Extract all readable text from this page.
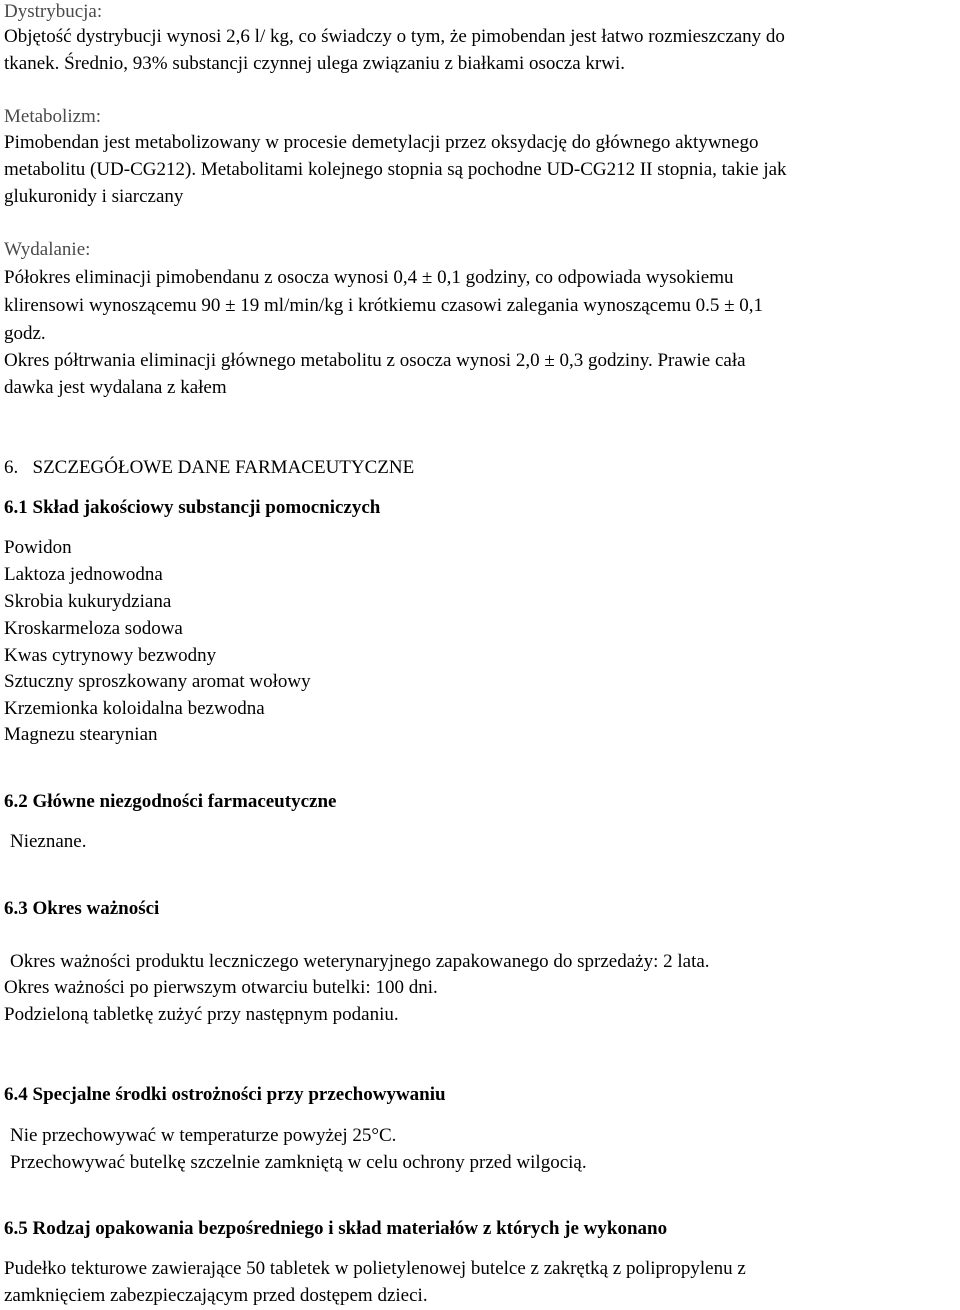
Dystrybucja:
Objętość dystrybucji wynosi 2,6 l/ kg, co świadczy o tym, że pimobendan jest łatwo rozmieszczany do
tkanek. Średnio, 93% substancji czynnej ulega związaniu z białkami osocza krwi.
Metabolizm:
Pimobendan jest metabolizowany w procesie demetylacji przez oksydację do głównego aktywnego
metabolitu (UD-CG212). Metabolitami kolejnego stopnia są pochodne UD-CG212 II stopnia, takie jak
glukuronidy i siarczany
Wydalanie:
Półokres eliminacji pimobendanu z osocza wynosi 0,4 ± 0,1 godziny, co odpowiada wysokiemu
klirensowi wynoszącemu 90 ± 19 ml/min/kg i krótkiemu czasowi zalegania wynoszącemu 0.5 ± 0,1
godz.
Okres półtrwania eliminacji głównego metabolitu z osocza wynosi 2,0 ± 0,3 godziny. Prawie cała
dawka jest wydalana z kałem
6.   SZCZEGÓŁOWE DANE FARMACEUTYCZNE
6.1 Skład jakościowy substancji pomocniczych
Powidon
Laktoza jednowodna
Skrobia kukurydziana
Kroskarmeloza sodowa
Kwas cytrynowy bezwodny
Sztuczny sproszkowany aromat wołowy
Krzemionka koloidalna bezwodna
Magnezu stearynian
6.2 Główne niezgodności farmaceutyczne
Nieznane.
6.3 Okres ważności
Okres ważności produktu leczniczego weterynaryjnego zapakowanego do sprzedaży: 2 lata.
Okres ważności po pierwszym otwarciu butelki: 100 dni.
Podzieloną tabletkę zużyć przy następnym podaniu.
6.4 Specjalne środki ostrożności przy przechowywaniu
Nie przechowywać w temperaturze powyżej 25°C.
Przechowywać butelkę szczelnie zamkniętą w celu ochrony przed wilgocią.
6.5 Rodzaj opakowania bezpośredniego i skład materiałów z których je wykonano
Pudełko tekturowe zawierające 50 tabletek w polietylenowej butelce z zakrętką z polipropylenu z
zamknięciem zabezpieczającym przed dostępem dzieci.
